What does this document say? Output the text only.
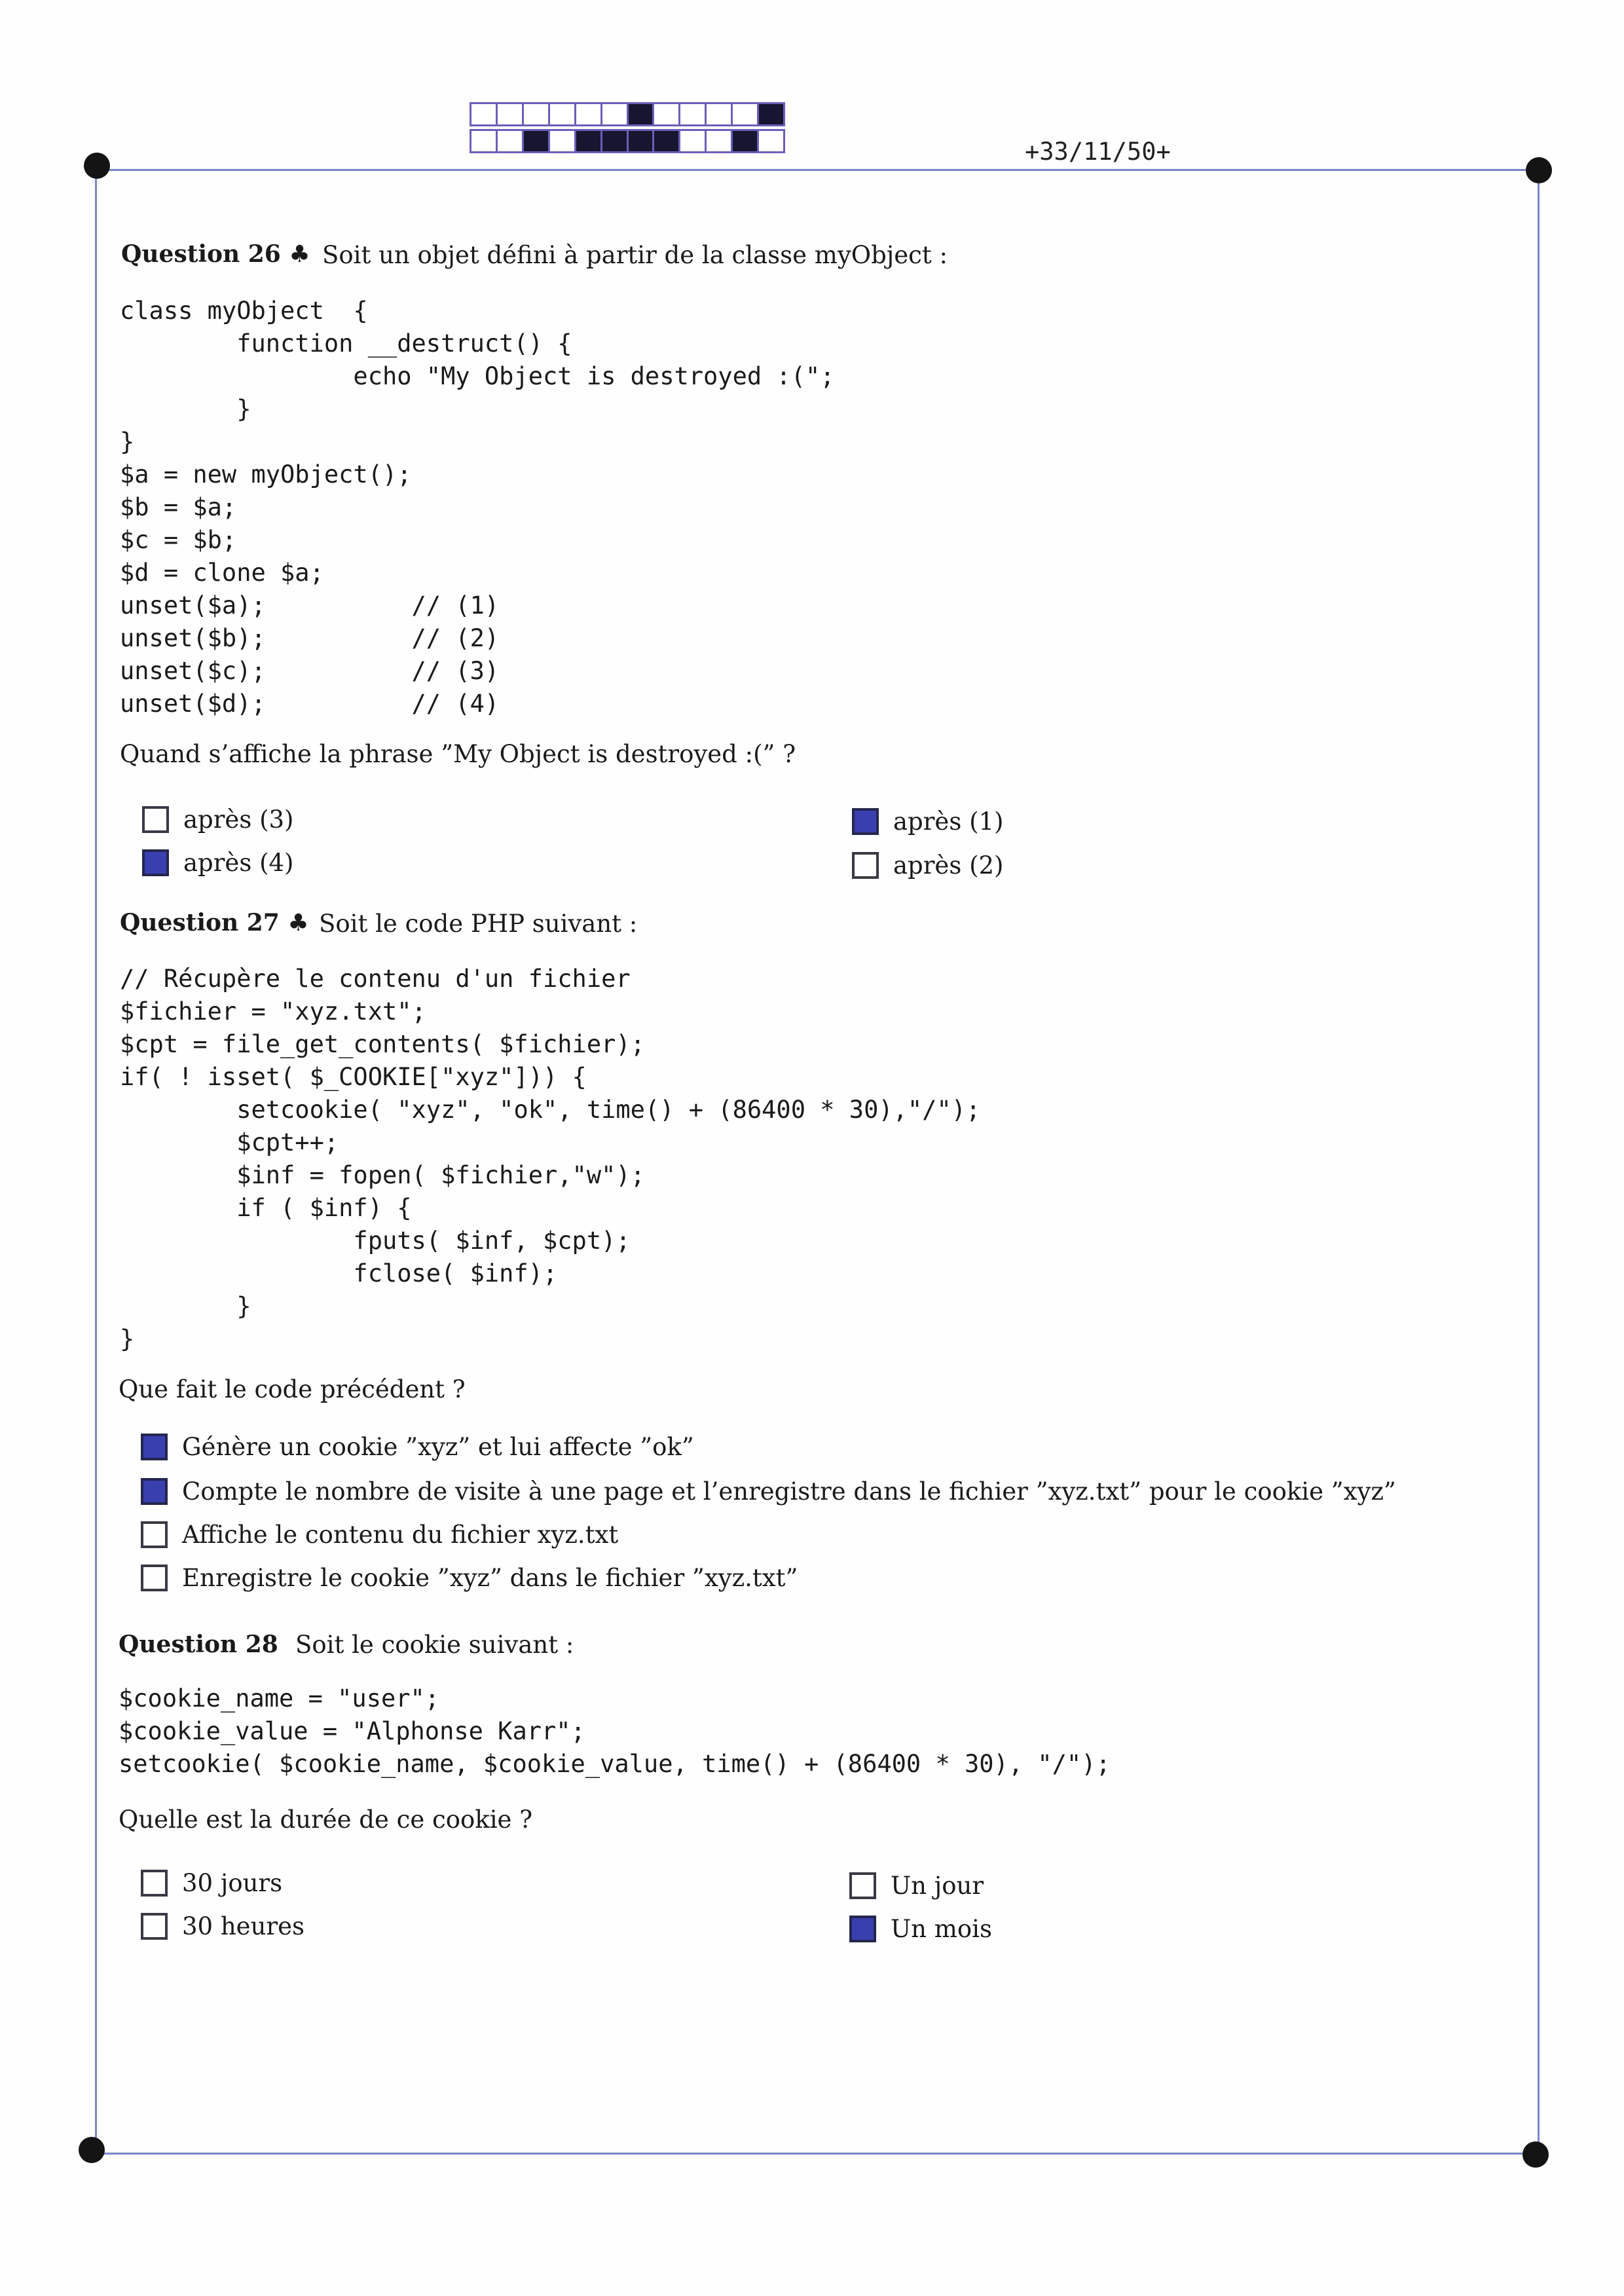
+33/11/50+
Question 26 ♣ Soit un objet défini à partir de la classe myObject :
class myObject  {
function __destruct() {
echo "My Object is destroyed :(";
}
}
$a = new myObject();
$b = $a;
$c = $b;
$d = clone $a;
unset($a);          // (1)
unset($b);          // (2)
unset($c);          // (3)
unset($d);          // (4)
Quand s’affiche la phrase ”My Object is destroyed :(” ?
après (3)
après (4)
après (1)
après (2)
Question 27 ♣ Soit le code PHP suivant :
// Récupère le contenu d'un fichier
$fichier = "xyz.txt";
$cpt = file_get_contents( $fichier);
if( ! isset( $_COOKIE["xyz"])) {
setcookie( "xyz", "ok", time() + (86400 * 30),"/");
$cpt++;
$inf = fopen( $fichier,"w");
if ( $inf) {
fputs( $inf, $cpt);
fclose( $inf);
}
}
Que fait le code précédent ?
Génère un cookie ”xyz” et lui affecte ”ok”
Compte le nombre de visite à une page et l’enregistre dans le fichier ”xyz.txt” pour le cookie ”xyz”
Affiche le contenu du fichier xyz.txt
Enregistre le cookie ”xyz” dans le fichier ”xyz.txt”
Question 28 Soit le cookie suivant :
$cookie_name = "user";
$cookie_value = "Alphonse Karr";
setcookie( $cookie_name, $cookie_value, time() + (86400 * 30), "/");
Quelle est la durée de ce cookie ?
30 jours
30 heures
Un jour
Un mois
